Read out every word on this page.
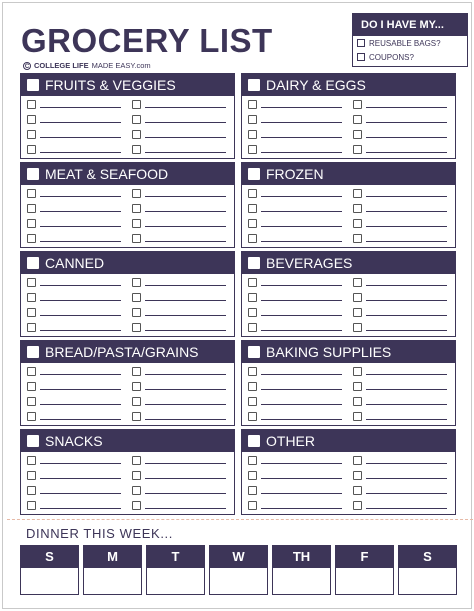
GROCERY LIST
C COLLEGE LIFE MADE EASY.com
DO I HAVE MY...
REUSABLE BAGS?
COUPONS?
FRUITS & VEGGIES	DAIRY & EGGS
MEAT & SEAFOOD	FROZEN
CANNED	BEVERAGES
BREAD/PASTA/GRAINS	BAKING SUPPLIES
SNACKS	OTHER
DINNER THIS WEEK...
S	M	T	W	TH	F	S
